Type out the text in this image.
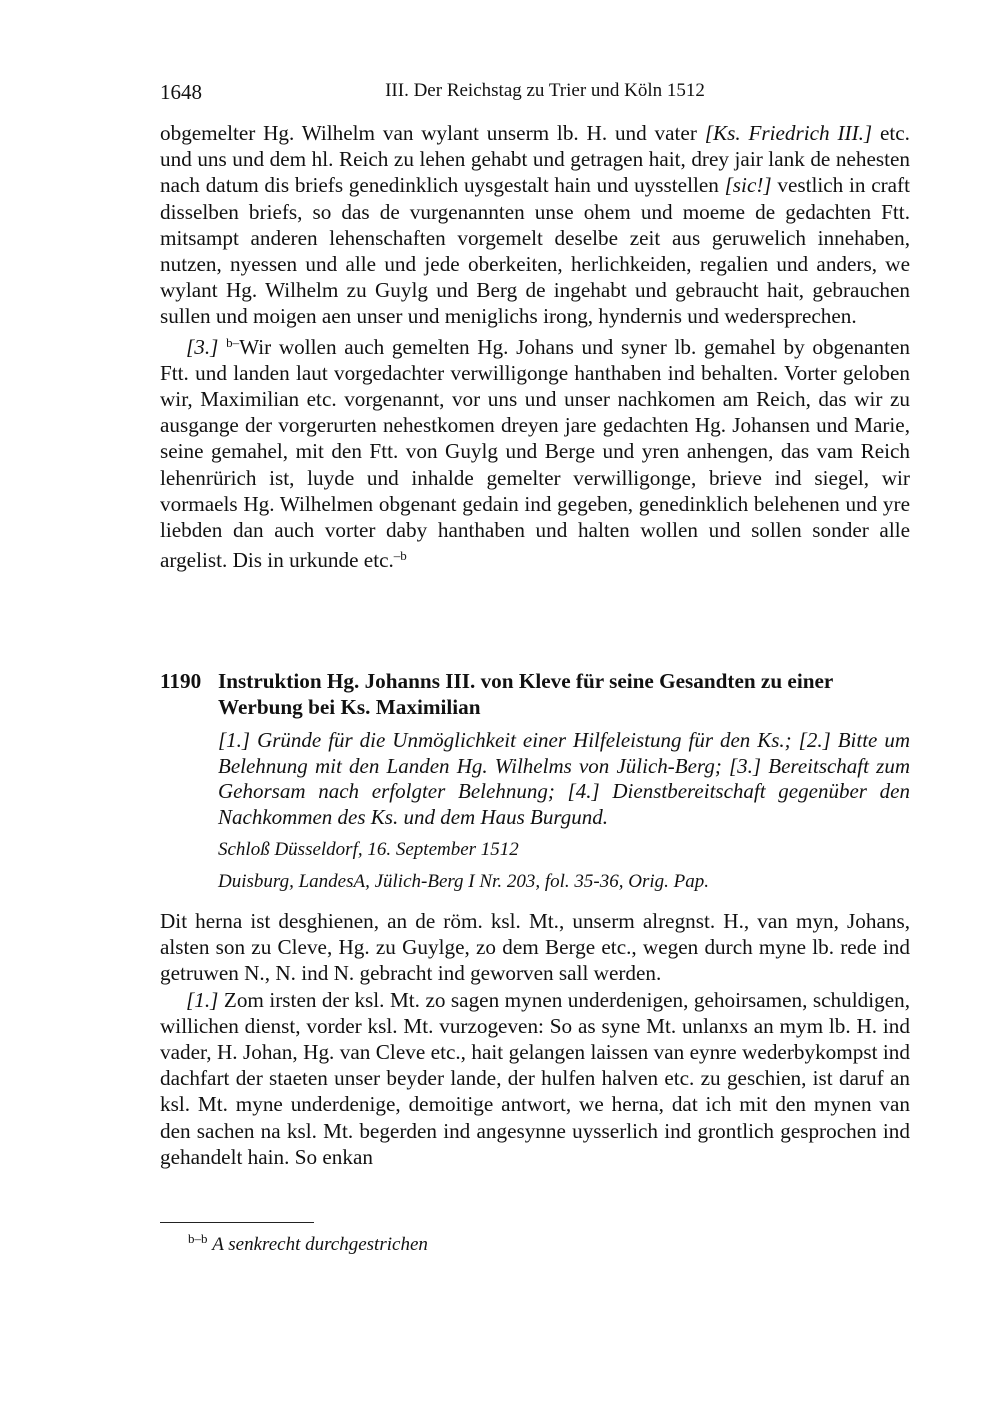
1648	III. Der Reichstag zu Trier und Köln 1512

obgemelter Hg. Wilhelm van wylant unserm lb. H. und vater [Ks. Friedrich III.] etc. und uns und dem hl. Reich zu lehen gehabt und getragen hait, drey jair lank de nehesten nach datum dis briefs genedinklich uysgestalt hain und uysstellen [sic!] vestlich in craft disselben briefs, so das de vurgenannten unse ohem und moeme de gedachten Ftt. mitsampt anderen lehenschaften vorgemelt deselbe zeit aus geruwelich innehaben, nutzen, nyessen und alle und jede oberkeiten, herlichkeiden, regalien und anders, we wylant Hg. Wilhelm zu Guylg und Berg de ingehabt und gebraucht hait, gebrauchen sullen und moigen aen unser und meniglichs irong, hyndernis und wedersprechen.

[3.] $^{b-}$Wir wollen auch gemelten Hg. Johans und syner lb. gemahel by obgenanten Ftt. und landen laut vorgedachter verwilligonge hanthaben ind behalten. Vorter geloben wir, Maximilian etc. vorgenannt, vor uns und unser nachkomen am Reich, das wir zu ausgange der vorgerurten nehestkomen dreyen jare gedachten Hg. Johansen und Marie, seine gemahel, mit den Ftt. von Guylg und Berge und yren anhengen, das vam Reich lehenrürich ist, luyde und inhalde gemelter verwilligonge, brieve ind siegel, wir vormaels Hg. Wilhelmen obgenant gedain ind gegeben, genedinklich belehenen und yre liebden dan auch vorter daby hanthaben und halten wollen und sollen sonder alle argelist. Dis in urkunde etc.$^{-b}$

1190 Instruktion Hg. Johanns III. von Kleve für seine Gesandten zu einer Werbung bei Ks. Maximilian
[1.] Gründe für die Unmöglichkeit einer Hilfeleistung für den Ks.; [2.] Bitte um Belehnung mit den Landen Hg. Wilhelms von Jülich-Berg; [3.] Bereitschaft zum Gehorsam nach erfolgter Belehnung; [4.] Dienstbereitschaft gegenüber den Nachkommen des Ks. und dem Haus Burgund.
Schloß Düsseldorf, 16. September 1512
Duisburg, LandesA, Jülich-Berg I Nr. 203, fol. 35-36, Orig. Pap.

Dit herna ist desghienen, an de röm. ksl. Mt., unserm alregnst. H., van myn, Johans, alsten son zu Cleve, Hg. zu Guylge, zo dem Berge etc., wegen durch myne lb. rede ind getruwen N., N. ind N. gebracht ind geworven sall werden.

[1.] Zom irsten der ksl. Mt. zo sagen mynen underdenigen, gehoirsamen, schuldigen, willichen dienst, vorder ksl. Mt. vurzogeven: So as syne Mt. unlanxs an mym lb. H. ind vader, H. Johan, Hg. van Cleve etc., hait gelangen laissen van eynre wederbykompst ind dachfart der staeten unser beyder lande, der hulfen halven etc. zu geschien, ist daruf an ksl. Mt. myne underdenige, demoitige antwort, we herna, dat ich mit den mynen van den sachen na ksl. Mt. begerden ind angesynne uysserlich ind grontlich gesprochen ind gehandelt hain. So enkan

$^{b-b}$ A senkrecht durchgestrichen
